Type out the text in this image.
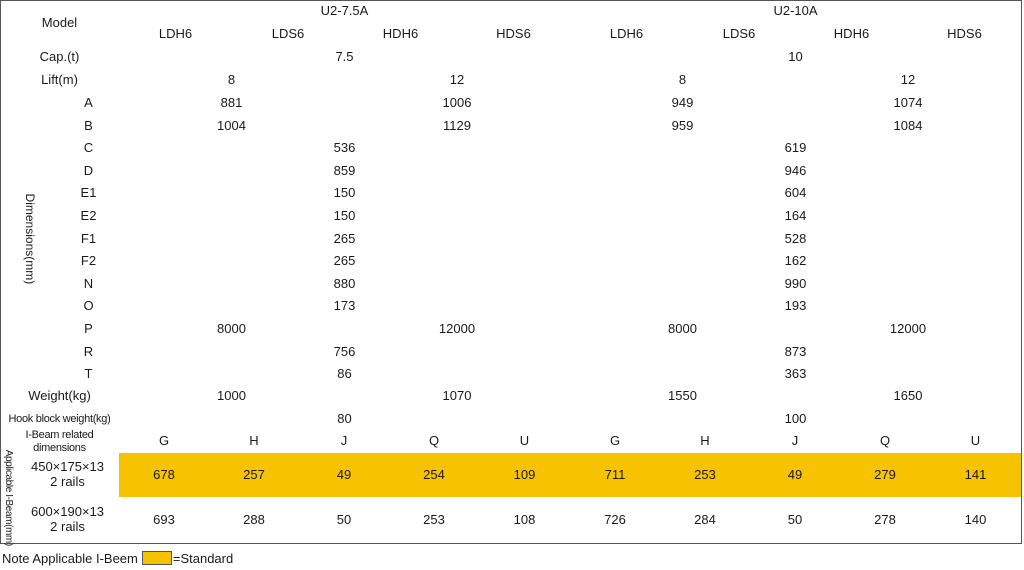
Model
U2-7.5A	U2-10A
LDH6	LDS6	HDH6	HDS6	LDH6	LDS6	HDH6	HDS6
Cap.(t)	7.5	10
Lift(m)	8	12	8	12
Dimensions(mm)
A	881	1006	949	1074
B	1004	1129	959	1084
C	536	619
D	859	946
E1	150	604
E2	150	164
F1	265	528
F2	265	162
N	880	990
O	173	193
P	8000	12000	8000	12000
R	756	873
T	86	363
Weight(kg)	1000	1070	1550	1650
Hook block weight(kg)	80	100
I-Beam related dimensions	G	H	J	Q	U	G	H	J	Q	U
Applicable I-Beam(mm) 450×175×13
2 rails	678	257	49	254	109	711	253	49	279	141
600×190×13
2 rails	693	288	50	253	108	726	284	50	278	140
Note Applicable I-Beem	=Standard
